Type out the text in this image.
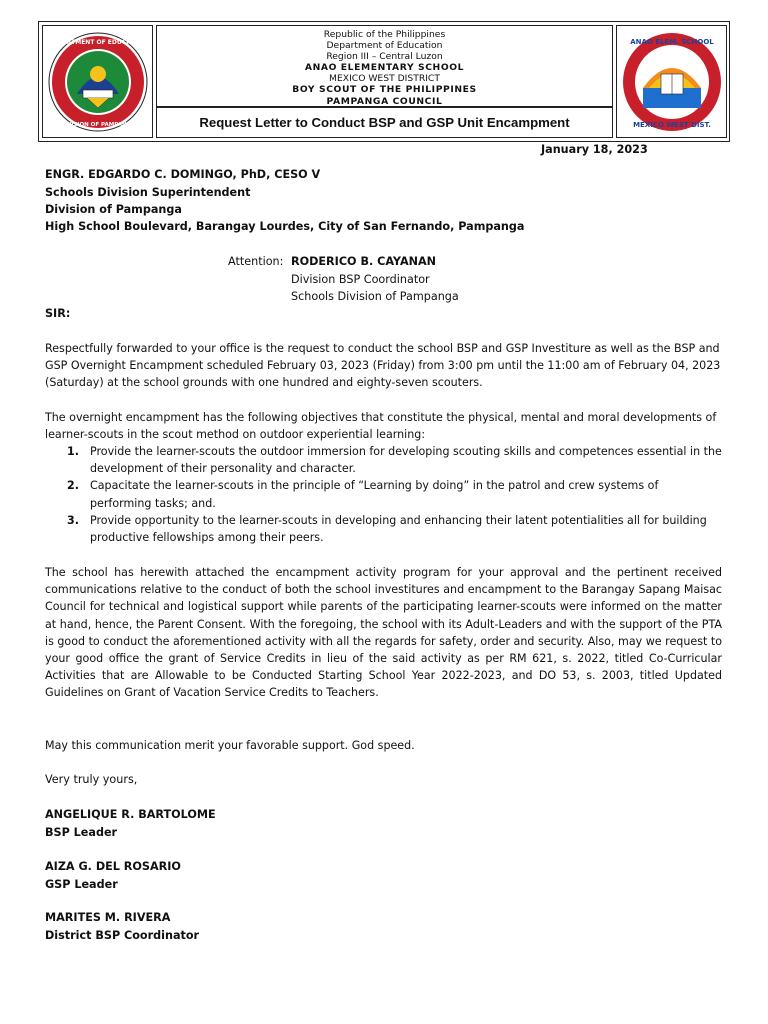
DEPARTMENT OF EDUCATION
DIVISION OF PAMPANGA
Republic of the Philippines
Department of Education
Region III – Central Luzon
ANAO ELEMENTARY SCHOOL
MEXICO WEST DISTRICT
BOY SCOUT OF THE PHILIPPINES
PAMPANGA COUNCIL
Request Letter to Conduct BSP and GSP Unit Encampment
ANAO ELEM. SCHOOL
MEXICO WEST DIST.
January 18, 2023
ENGR. EDGARDO C. DOMINGO, PhD, CESO V
Schools Division Superintendent
Division of Pampanga
High School Boulevard, Barangay Lourdes, City of San Fernando, Pampanga
Attention: RODERICO B. CAYANAN
Division BSP Coordinator
Schools Division of Pampanga
SIR:
Respectfully forwarded to your office is the request to conduct the school BSP and GSP Investiture as well as the BSP and GSP Overnight Encampment scheduled February 03, 2023 (Friday) from 3:00 pm until the 11:00 am of February 04, 2023 (Saturday) at the school grounds with one hundred and eighty-seven scouters.
The overnight encampment has the following objectives that constitute the physical, mental and moral developments of learner-scouts in the scout method on outdoor experiential learning:
1. Provide the learner-scouts the outdoor immersion for developing scouting skills and competences essential in the development of their personality and character.
2. Capacitate the learner-scouts in the principle of “Learning by doing” in the patrol and crew systems of performing tasks; and.
3. Provide opportunity to the learner-scouts in developing and enhancing their latent potentialities all for building productive fellowships among their peers.
The school has herewith attached the encampment activity program for your approval and the pertinent received communications relative to the conduct of both the school investitures and encampment to the Barangay Sapang Maisac Council for technical and logistical support while parents of the participating learner-scouts were informed on the matter at hand, hence, the Parent Consent. With the foregoing, the school with its Adult-Leaders and with the support of the PTA is good to conduct the aforementioned activity with all the regards for safety, order and security. Also, may we request to your good office the grant of Service Credits in lieu of the said activity as per RM 621, s. 2022, titled Co-Curricular Activities that are Allowable to be Conducted Starting School Year 2022-2023, and DO 53, s. 2003, titled Updated Guidelines on Grant of Vacation Service Credits to Teachers.
May this communication merit your favorable support. God speed.
Very truly yours,
ANGELIQUE R. BARTOLOME
BSP Leader
AIZA G. DEL ROSARIO
GSP Leader
MARITES M. RIVERA
District BSP Coordinator
